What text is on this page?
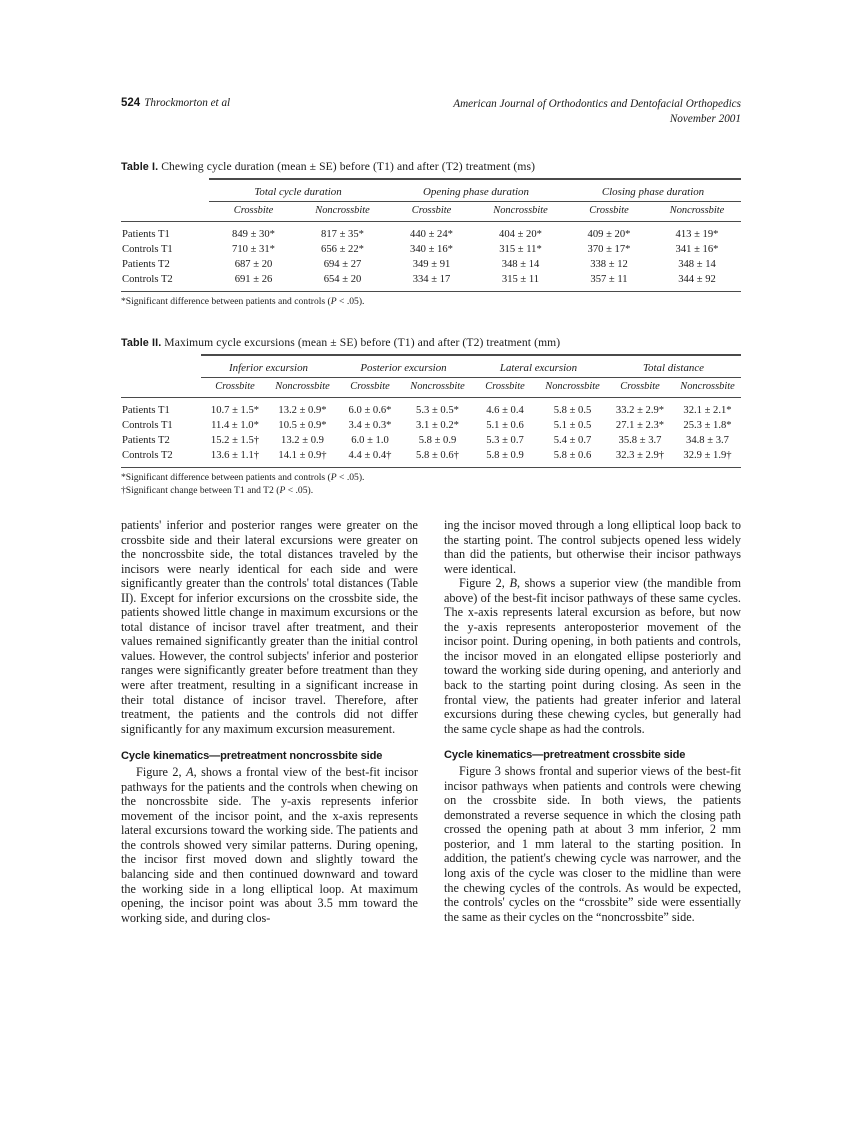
524 Throckmorton et al	American Journal of Orthodontics and Dentofacial Orthopedics
November 2001
Table I. Chewing cycle duration (mean ± SE) before (T1) and after (T2) treatment (ms)
	Total cycle duration		Opening phase duration		Closing phase duration	
	Crossbite	Noncrossbite	Crossbite	Noncrossbite	Crossbite	Noncrossbite
Patients T1	849 ± 30*	817 ± 35*	440 ± 24*	404 ± 20*	409 ± 20*	413 ± 19*
Controls T1	710 ± 31*	656 ± 22*	340 ± 16*	315 ± 11*	370 ± 17*	341 ± 16*
Patients T2	687 ± 20	694 ± 27	349 ± 91	348 ± 14	338 ± 12	348 ± 14
Controls T2	691 ± 26	654 ± 20	334 ± 17	315 ± 11	357 ± 11	344 ± 92
*Significant difference between patients and controls (P < .05).
Table II. Maximum cycle excursions (mean ± SE) before (T1) and after (T2) treatment (mm)
	Inferior excursion		Posterior excursion		Lateral excursion		Total distance	
	Crossbite	Noncrossbite	Crossbite	Noncrossbite	Crossbite	Noncrossbite	Crossbite	Noncrossbite
Patients T1	10.7 ± 1.5*	13.2 ± 0.9*	6.0 ± 0.6*	5.3 ± 0.5*	4.6 ± 0.4	5.8 ± 0.5	33.2 ± 2.9*	32.1 ± 2.1*
Controls T1	11.4 ± 1.0*	10.5 ± 0.9*	3.4 ± 0.3*	3.1 ± 0.2*	5.1 ± 0.6	5.1 ± 0.5	27.1 ± 2.3*	25.3 ± 1.8*
Patients T2	15.2 ± 1.5†	13.2 ± 0.9	6.0 ± 1.0	5.8 ± 0.9	5.3 ± 0.7	5.4 ± 0.7	35.8 ± 3.7	34.8 ± 3.7
Controls T2	13.6 ± 1.1†	14.1 ± 0.9†	4.4 ± 0.4†	5.8 ± 0.6†	5.8 ± 0.9	5.8 ± 0.6	32.3 ± 2.9†	32.9 ± 1.9†
*Significant difference between patients and controls (P < .05).
†Significant change between T1 and T2 (P < .05).

patients' inferior and posterior ranges were greater on the crossbite side and their lateral excursions were greater on the noncrossbite side, the total distances traveled by the incisors were nearly identical for each side and were significantly greater than the controls' total distances (Table II). Except for inferior excursions on the crossbite side, the patients showed little change in maximum excursions or the total distance of incisor travel after treatment, and their values remained significantly greater than the initial control values. However, the control subjects' inferior and posterior ranges were significantly greater before treatment than they were after treatment, resulting in a significant increase in their total distance of incisor travel. Therefore, after treatment, the patients and the controls did not differ significantly for any maximum excursion measurement.

Cycle kinematics—pretreatment noncrossbite side

Figure 2, A, shows a frontal view of the best-fit incisor pathways for the patients and the controls when chewing on the noncrossbite side. The y-axis represents inferior movement of the incisor point, and the x-axis represents lateral excursions toward the working side. The patients and the controls showed very similar patterns. During opening, the incisor first moved down and slightly toward the balancing side and then continued downward and toward the working side in a long elliptical loop. At maximum opening, the incisor point was about 3.5 mm toward the working side, and during clos-

ing the incisor moved through a long elliptical loop back to the starting point. The control subjects opened less widely than did the patients, but otherwise their incisor pathways were identical.

Figure 2, B, shows a superior view (the mandible from above) of the best-fit incisor pathways of these same cycles. The x-axis represents lateral excursion as before, but now the y-axis represents anteroposterior movement of the incisor point. During opening, in both patients and controls, the incisor moved in an elongated ellipse posteriorly and toward the working side during opening, and anteriorly and back to the starting point during closing. As seen in the frontal view, the patients had greater inferior and lateral excursions during these chewing cycles, but generally had the same cycle shape as had the controls.

Cycle kinematics—pretreatment crossbite side

Figure 3 shows frontal and superior views of the best-fit incisor pathways when patients and controls were chewing on the crossbite side. In both views, the patients demonstrated a reverse sequence in which the closing path crossed the opening path at about 3 mm inferior, 2 mm posterior, and 1 mm lateral to the starting position. In addition, the patient's chewing cycle was narrower, and the long axis of the cycle was closer to the midline than were the chewing cycles of the controls. As would be expected, the controls' cycles on the “crossbite” side were essentially the same as their cycles on the “noncrossbite” side.
